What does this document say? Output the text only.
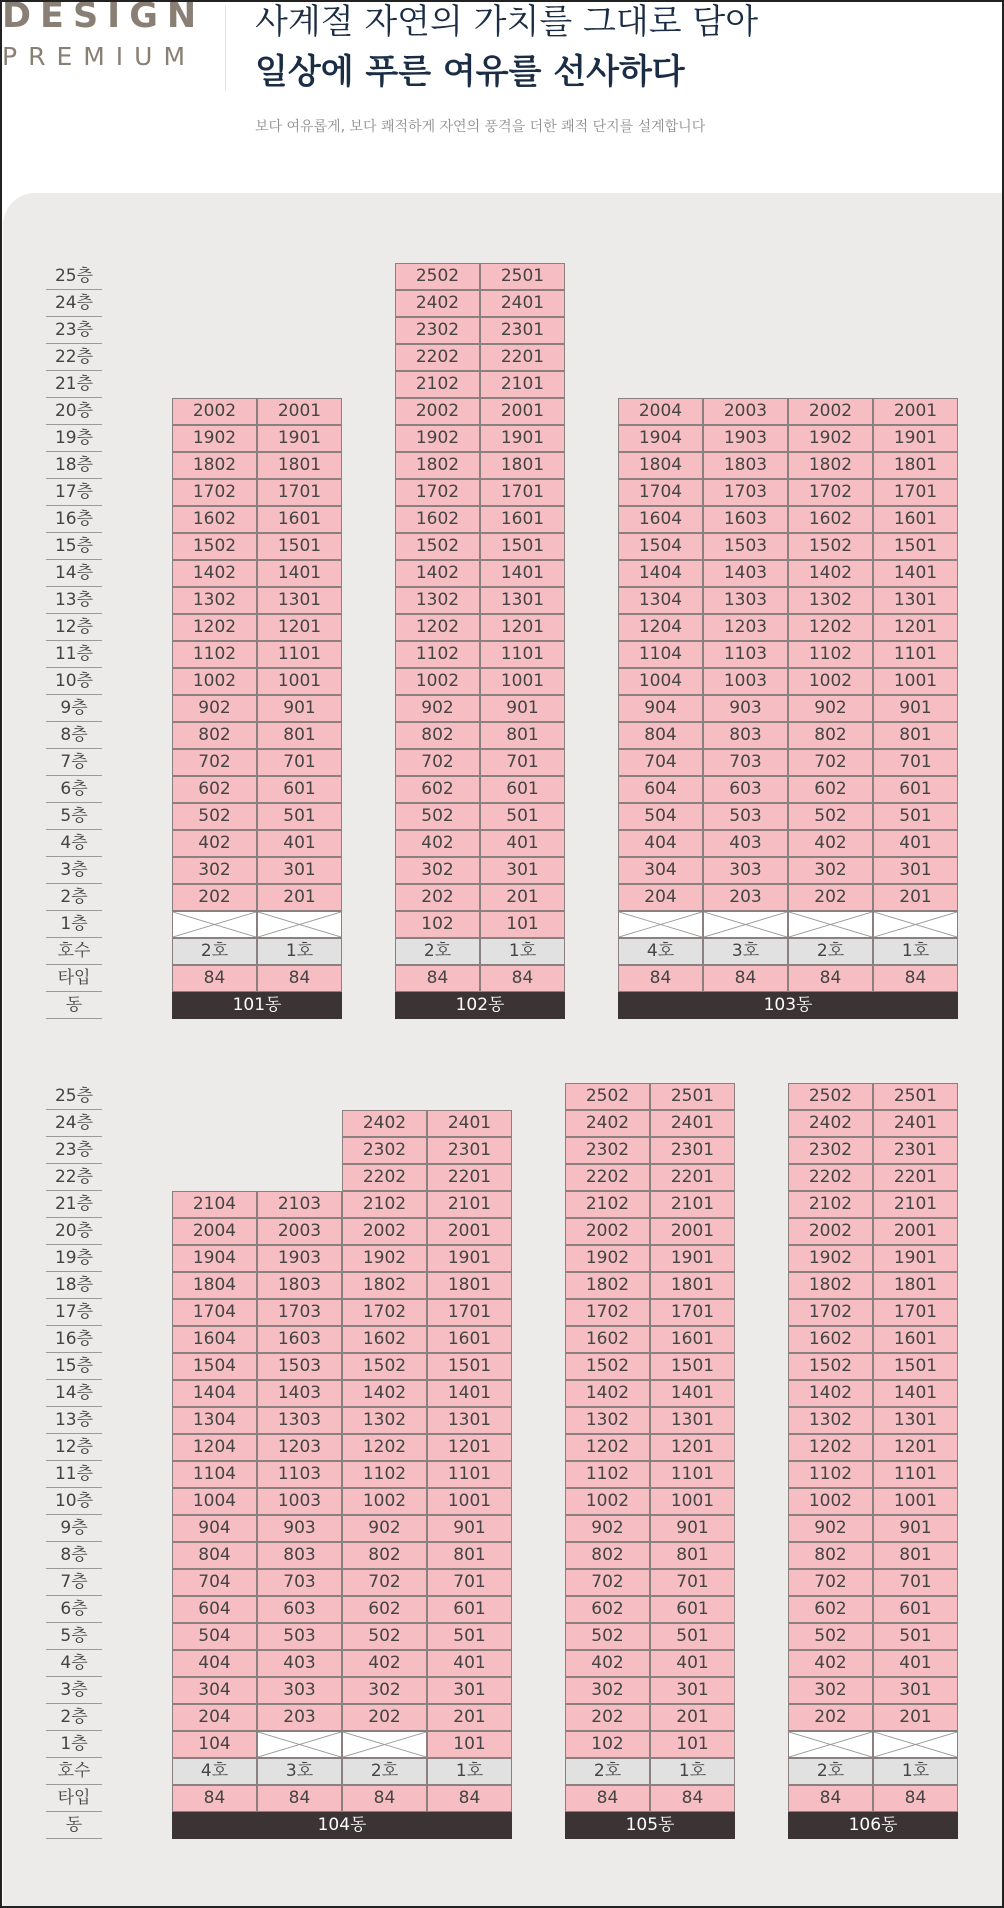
DESIGN
PREMIUM
사계절 자연의 가치를 그대로 담아
일상에 푸른 여유를 선사하다
보다 여유롭게, 보다 쾌적하게 자연의 풍격을 더한 쾌적 단지를 설계합니다
25층
24층
23층
22층
21층
20층
19층
18층
17층
16층
15층
14층
13층
12층
11층
10층
9층
8층
7층
6층
5층
4층
3층
2층
1층
호수
타입
동
2002
1902
1802
1702
1602
1502
1402
1302
1202
1102
1002
902
802
702
602
502
402
302
202
2호
84
2001
1901
1801
1701
1601
1501
1401
1301
1201
1101
1001
901
801
701
601
501
401
301
201
1호
84
101동
2502
2402
2302
2202
2102
2002
1902
1802
1702
1602
1502
1402
1302
1202
1102
1002
902
802
702
602
502
402
302
202
102
2호
84
2501
2401
2301
2201
2101
2001
1901
1801
1701
1601
1501
1401
1301
1201
1101
1001
901
801
701
601
501
401
301
201
101
1호
84
102동
2004
1904
1804
1704
1604
1504
1404
1304
1204
1104
1004
904
804
704
604
504
404
304
204
4호
84
2003
1903
1803
1703
1603
1503
1403
1303
1203
1103
1003
903
803
703
603
503
403
303
203
3호
84
2002
1902
1802
1702
1602
1502
1402
1302
1202
1102
1002
902
802
702
602
502
402
302
202
2호
84
2001
1901
1801
1701
1601
1501
1401
1301
1201
1101
1001
901
801
701
601
501
401
301
201
1호
84
103동
25층
24층
23층
22층
21층
20층
19층
18층
17층
16층
15층
14층
13층
12층
11층
10층
9층
8층
7층
6층
5층
4층
3층
2층
1층
호수
타입
동
2104
2004
1904
1804
1704
1604
1504
1404
1304
1204
1104
1004
904
804
704
604
504
404
304
204
104
4호
84
2103
2003
1903
1803
1703
1603
1503
1403
1303
1203
1103
1003
903
803
703
603
503
403
303
203
3호
84
2402
2302
2202
2102
2002
1902
1802
1702
1602
1502
1402
1302
1202
1102
1002
902
802
702
602
502
402
302
202
2호
84
2401
2301
2201
2101
2001
1901
1801
1701
1601
1501
1401
1301
1201
1101
1001
901
801
701
601
501
401
301
201
101
1호
84
104동
2502
2402
2302
2202
2102
2002
1902
1802
1702
1602
1502
1402
1302
1202
1102
1002
902
802
702
602
502
402
302
202
102
2호
84
2501
2401
2301
2201
2101
2001
1901
1801
1701
1601
1501
1401
1301
1201
1101
1001
901
801
701
601
501
401
301
201
101
1호
84
105동
2502
2402
2302
2202
2102
2002
1902
1802
1702
1602
1502
1402
1302
1202
1102
1002
902
802
702
602
502
402
302
202
2호
84
2501
2401
2301
2201
2101
2001
1901
1801
1701
1601
1501
1401
1301
1201
1101
1001
901
801
701
601
501
401
301
201
1호
84
106동
